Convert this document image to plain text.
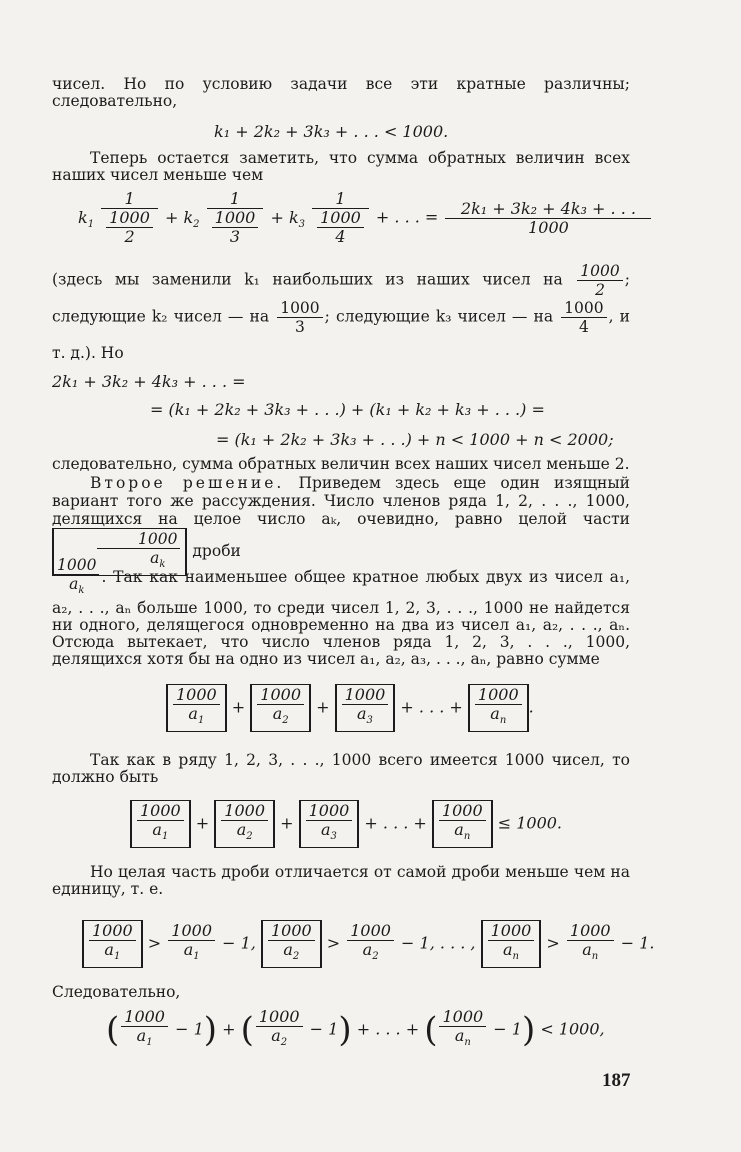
чисел. Но по условию задачи все эти кратные различны; следовательно,
k₁ + 2k₂ + 3k₃ + . . . < 1000.
Теперь остается заметить, что сумма обратных величин всех наших чисел меньше чем
$k_1 \frac{1}{\frac{1000}{2}} + k_2 \frac{1}{\frac{1000}{3}} + k_3 \frac{1}{\frac{1000}{4}}$ + . . . = $\frac{\text{2k₁ + 3k₂ + 4k₃ + . . .}}{1000}$
(здесь мы заменили k₁ наибольших из наших чисел на $\frac{1000}{2}$ ; следующие k₂ чисел — на $\frac{1000}{3}$ ; следующие k₃ чисел — на $\frac{1000}{4}$ , и т. д.). Но
2k₁ + 3k₂ + 4k₃ + . . . =
= (k₁ + 2k₂ + 3k₃ + . . .) + (k₁ + k₂ + k₃ + . . .) =
= (k₁ + 2k₂ + 3k₃ + . . .) + n < 1000 + n < 2000;
следовательно, сумма обратных величин всех наших чисел меньше 2.
Второе решение. Приведем здесь еще один изящный вариант того же рассуждения. Число членов ряда 1, 2, . . ., 1000, делящихся на целое число aₖ, очевидно, равно целой части
$\frac{1000}{a_k}$ дроби
$\frac{1000}{a_k}$ . Так как наименьшее общее кратное любых двух из чисел a₁, a₂, . . ., aₙ больше 1000, то среди чисел 1, 2, 3, . . ., 1000 не найдется ни одного, делящегося одновременно на два из чисел a₁, a₂, . . ., aₙ. Отсюда вытекает, что число членов ряда 1, 2, 3, . . ., 1000, делящихся хотя бы на одно из чисел a₁, a₂, a₃, . . ., aₙ, равно сумме
$\frac{1000}{a_1} + \frac{1000}{a_2} + \frac{1000}{a_3}$ + . . . + $\frac{1000}{a_n}$ .
Так как в ряду 1, 2, 3, . . ., 1000 всего имеется 1000 чисел, то должно быть
$\frac{1000}{a_1} + \frac{1000}{a_2} + \frac{1000}{a_3}$ + . . . + $\frac{1000}{a_n} \le 1000$.
Но целая часть дроби отличается от самой дроби меньше чем на единицу, т. е.
$\frac{1000}{a_1} > \frac{1000}{a_1} - 1$, $\frac{1000}{a_2} > \frac{1000}{a_2} - 1$, . . . , $\frac{1000}{a_n} > \frac{1000}{a_n} - 1$.
Следовательно,
( $\frac{1000}{a_1} - 1$) + ( $\frac{1000}{a_2} - 1$) + . . . + ( $\frac{1000}{a_n} - 1) < 1000$,
187
